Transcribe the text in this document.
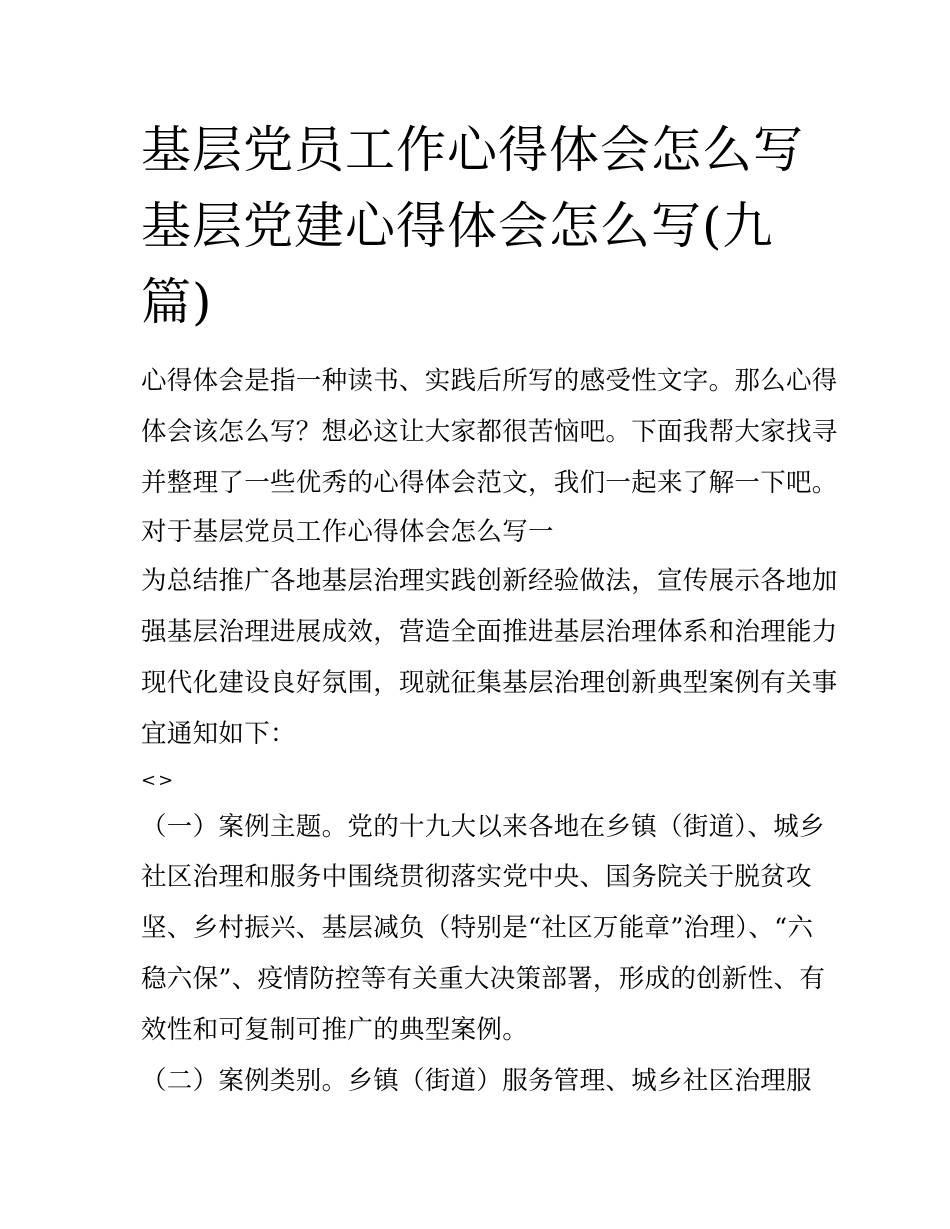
基层党员工作心得体会怎么写
基层党建心得体会怎么写(九
篇)
心得体会是指一种读书、实践后所写的感受性文字。那么心得
体会该怎么写？想必这让大家都很苦恼吧。下面我帮大家找寻
并整理了一些优秀的心得体会范文，我们一起来了解一下吧。
对于基层党员工作心得体会怎么写一
为总结推广各地基层治理实践创新经验做法，宣传展示各地加
强基层治理进展成效，营造全面推进基层治理体系和治理能力
现代化建设良好氛围，现就征集基层治理创新典型案例有关事
宜通知如下：
<>
（一）案例主题。党的十九大以来各地在乡镇（街道）、城乡
社区治理和服务中围绕贯彻落实党中央、国务院关于脱贫攻
坚、乡村振兴、基层减负（特别是“社区万能章”治理）、“六
稳六保”、疫情防控等有关重大决策部署，形成的创新性、有
效性和可复制可推广的典型案例。
（二）案例类别。乡镇（街道）服务管理、城乡社区治理服
